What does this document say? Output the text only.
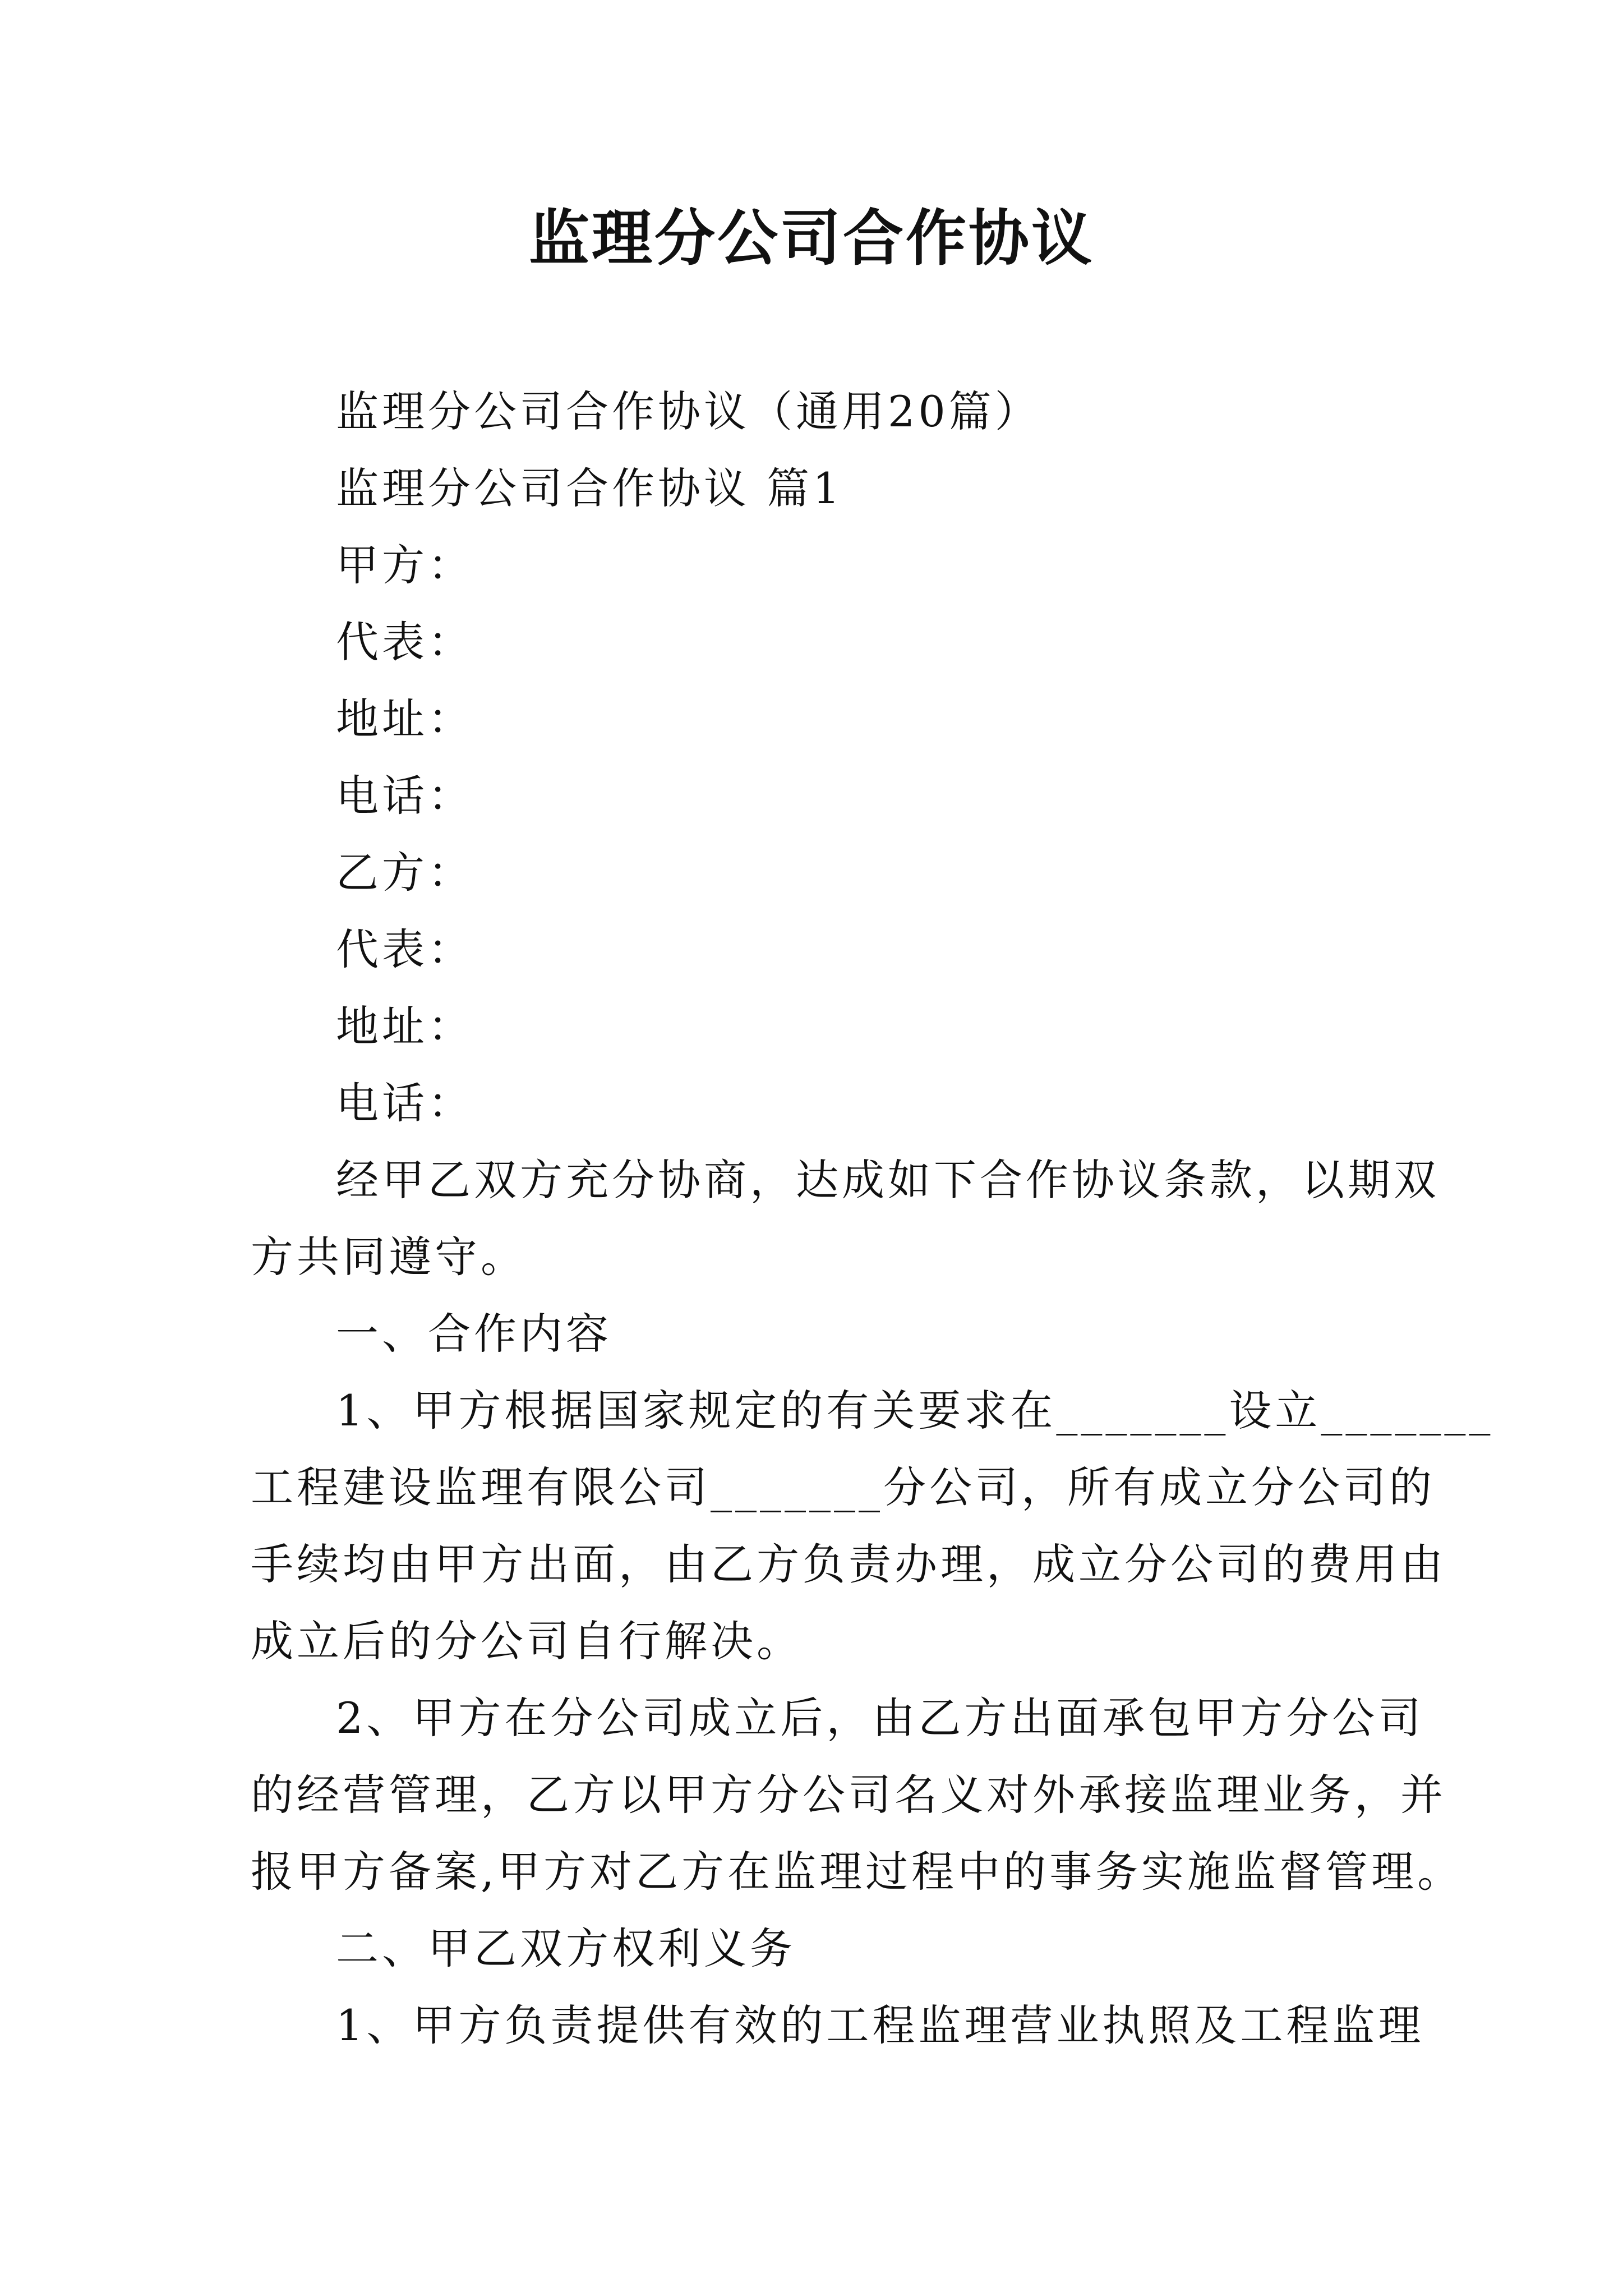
监理分公司合作协议
监理分公司合作协议（通用20篇）
监理分公司合作协议 篇1
甲方：
代表：
地址：
电话：
乙方：
代表：
地址：
电话：
经甲乙双方充分协商，达成如下合作协议条款，以期双
方共同遵守。
一、合作内容
1、甲方根据国家规定的有关要求在_______设立_______
工程建设监理有限公司_______分公司，所有成立分公司的
手续均由甲方出面，由乙方负责办理，成立分公司的费用由
成立后的分公司自行解决。
2、甲方在分公司成立后，由乙方出面承包甲方分公司
的经营管理，乙方以甲方分公司名义对外承接监理业务，并
报甲方备案,甲方对乙方在监理过程中的事务实施监督管理。
二、甲乙双方权利义务
1、甲方负责提供有效的工程监理营业执照及工程监理
